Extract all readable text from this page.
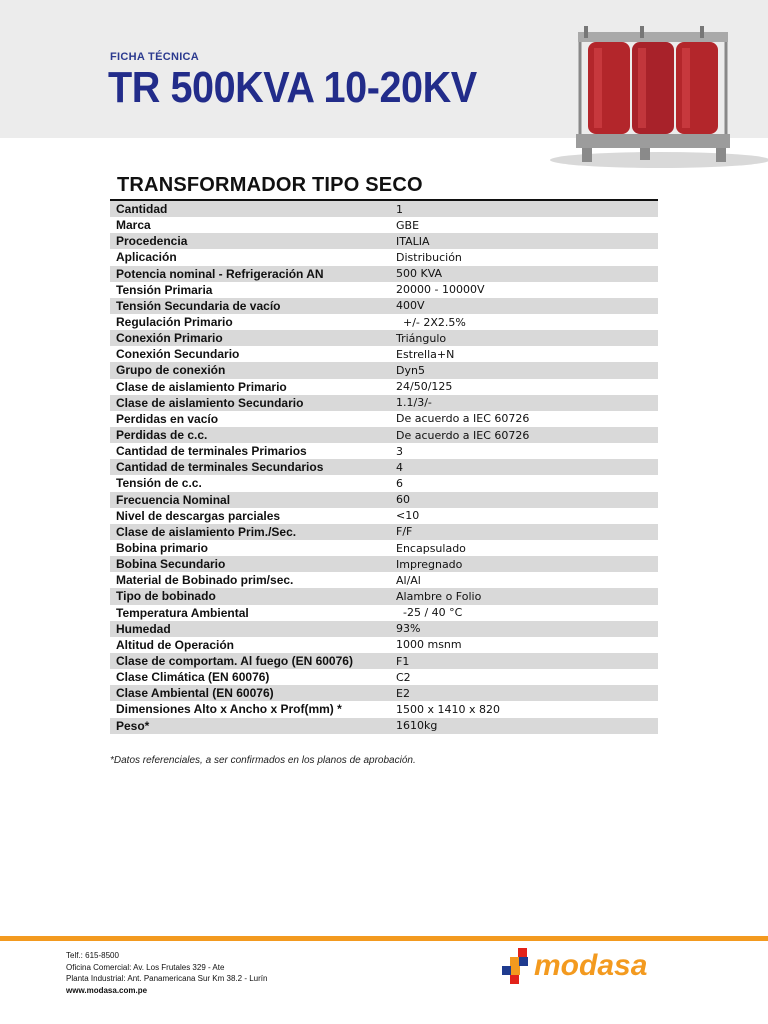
FICHA TÉCNICA
TR 500KVA 10-20KV
TRANSFORMADOR TIPO SECO
Cantidad	1
Marca	GBE
Procedencia	ITALIA
Aplicación	Distribución
Potencia nominal - Refrigeración AN	500 KVA
Tensión Primaria	20000 - 10000V
Tensión Secundaria de vacío	400V
Regulación Primario	+/- 2X2.5%
Conexión Primario	Triángulo
Conexión Secundario	Estrella+N
Grupo de conexión	Dyn5
Clase de aislamiento Primario	24/50/125
Clase de aislamiento Secundario	1.1/3/-
Perdidas en vacío	De acuerdo a IEC 60726
Perdidas de c.c.	De acuerdo a IEC 60726
Cantidad de terminales Primarios	3
Cantidad de terminales Secundarios	4
Tensión de c.c.	6
Frecuencia Nominal	60
Nivel de descargas parciales	<10
Clase de aislamiento Prim./Sec.	F/F
Bobina primario	Encapsulado
Bobina Secundario	Impregnado
Material de Bobinado prim/sec.	Al/Al
Tipo de bobinado	Alambre o Folio
Temperatura Ambiental	-25 / 40 °C
Humedad	93%
Altitud de Operación	1000 msnm
Clase de comportam. Al fuego (EN 60076)	F1
Clase Climática (EN 60076)	C2
Clase Ambiental (EN 60076)	E2
Dimensiones Alto x Ancho x Prof(mm) *	1500 x 1410 x 820
Peso*	1610kg
*Datos referenciales, a ser confirmados en los planos de aprobación.
Telf.: 615-8500
Oficina Comercial: Av. Los Frutales 329 - Ate
Planta Industrial: Ant. Panamericana Sur Km 38.2 - Lurín
www.modasa.com.pe
modasa
